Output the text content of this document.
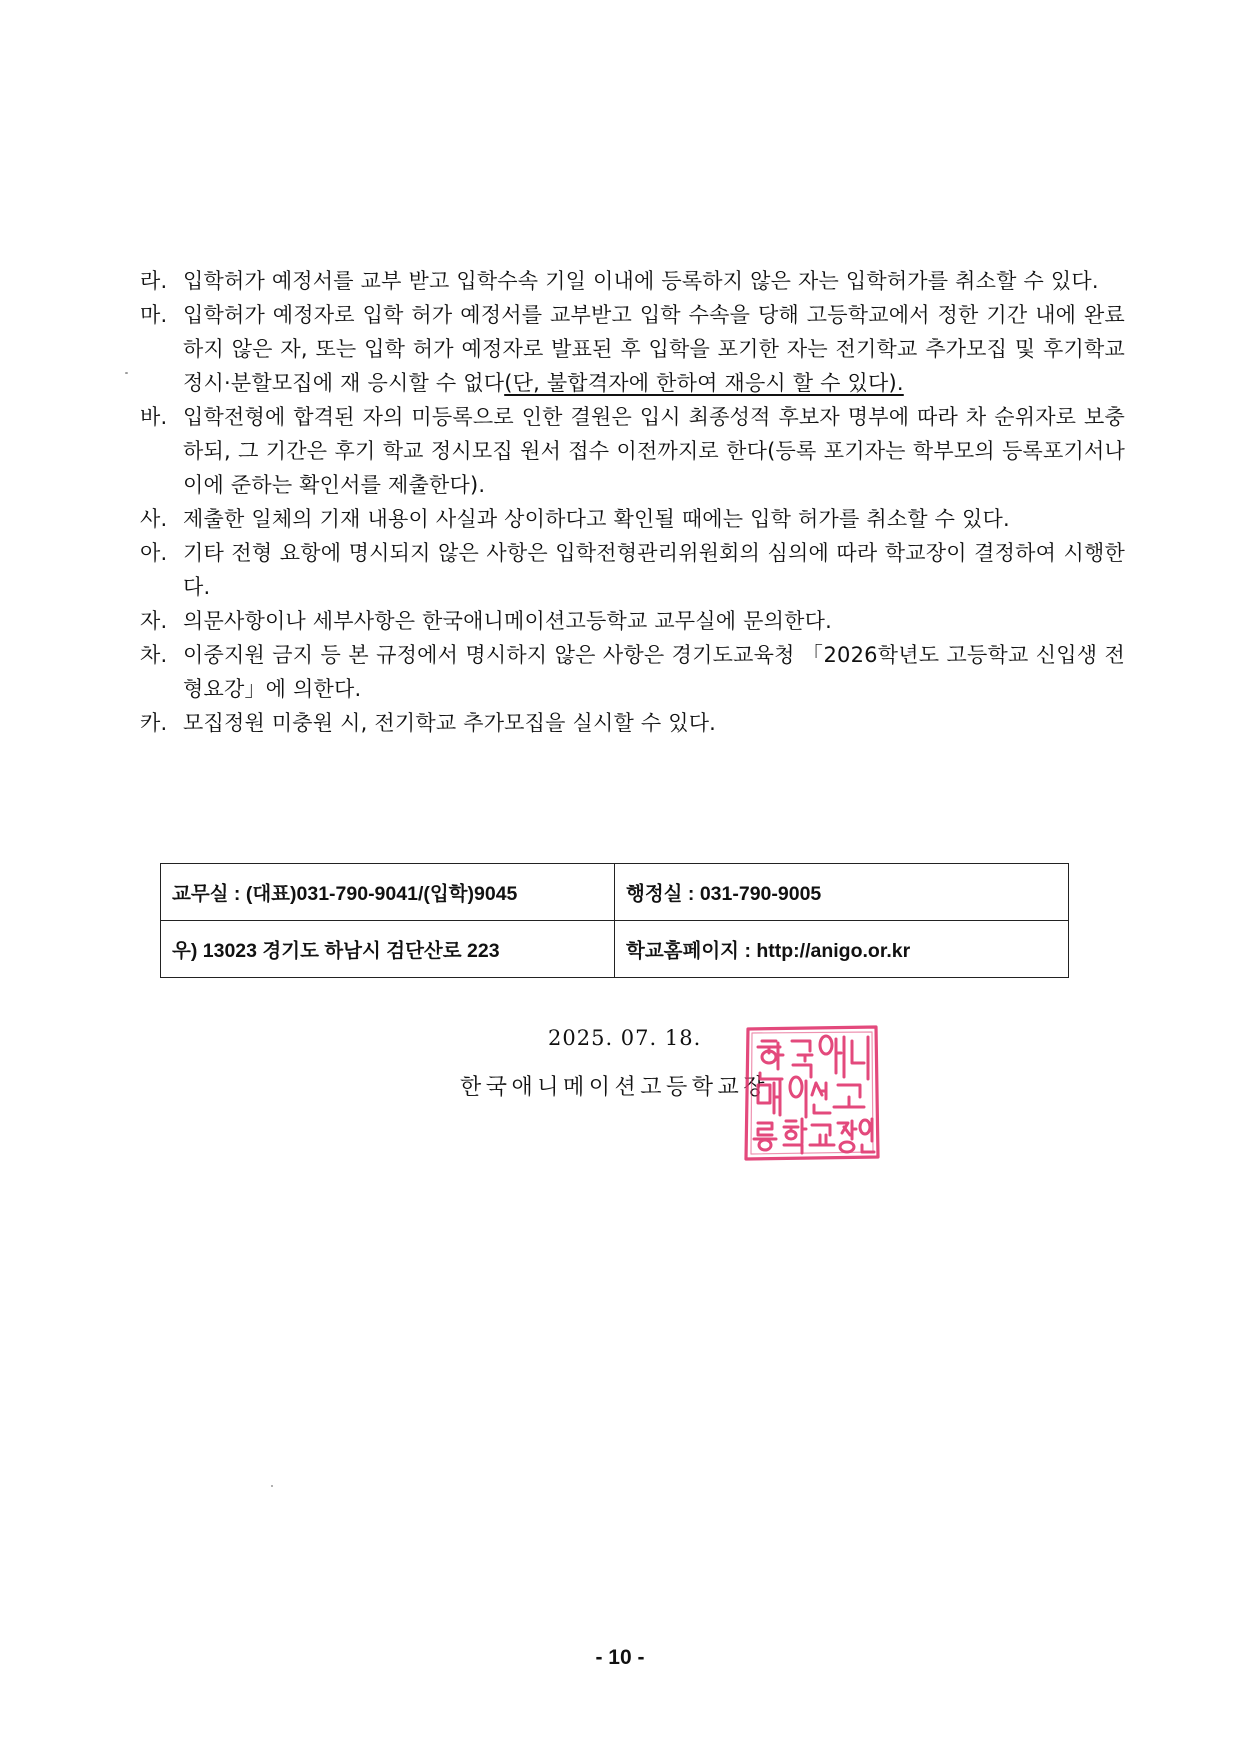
라. 입학허가 예정서를 교부 받고 입학수속 기일 이내에 등록하지 않은 자는 입학허가를 취소할 수 있다.
마. 입학허가 예정자로 입학 허가 예정서를 교부받고 입학 수속을 당해 고등학교에서 정한 기간 내에 완료하지 않은 자, 또는 입학 허가 예정자로 발표된 후 입학을 포기한 자는 전기학교 추가모집 및 후기학교 정시·분할모집에 재 응시할 수 없다(단, 불합격자에 한하여 재응시 할 수 있다).
바. 입학전형에 합격된 자의 미등록으로 인한 결원은 입시 최종성적 후보자 명부에 따라 차 순위자로 보충하되, 그 기간은 후기 학교 정시모집 원서 접수 이전까지로 한다(등록 포기자는 학부모의 등록포기서나 이에 준하는 확인서를 제출한다).
사. 제출한 일체의 기재 내용이 사실과 상이하다고 확인될 때에는 입학 허가를 취소할 수 있다.
아. 기타 전형 요항에 명시되지 않은 사항은 입학전형관리위원회의 심의에 따라 학교장이 결정하여 시행한다.
자. 의문사항이나 세부사항은 한국애니메이션고등학교 교무실에 문의한다.
차. 이중지원 금지 등 본 규정에서 명시하지 않은 사항은 경기도교육청 「2026학년도 고등학교 신입생 전형요강」에 의한다.
카. 모집정원 미충원 시, 전기학교 추가모집을 실시할 수 있다.
교무실 : (대표)031-790-9041/(입학)9045	행정실 : 031-790-9005
우) 13023 경기도 하남시 검단산로 223	학교홈페이지 : http://anigo.or.kr
2025. 07. 18.
한국애니메이션고등학교장
- 10 -
